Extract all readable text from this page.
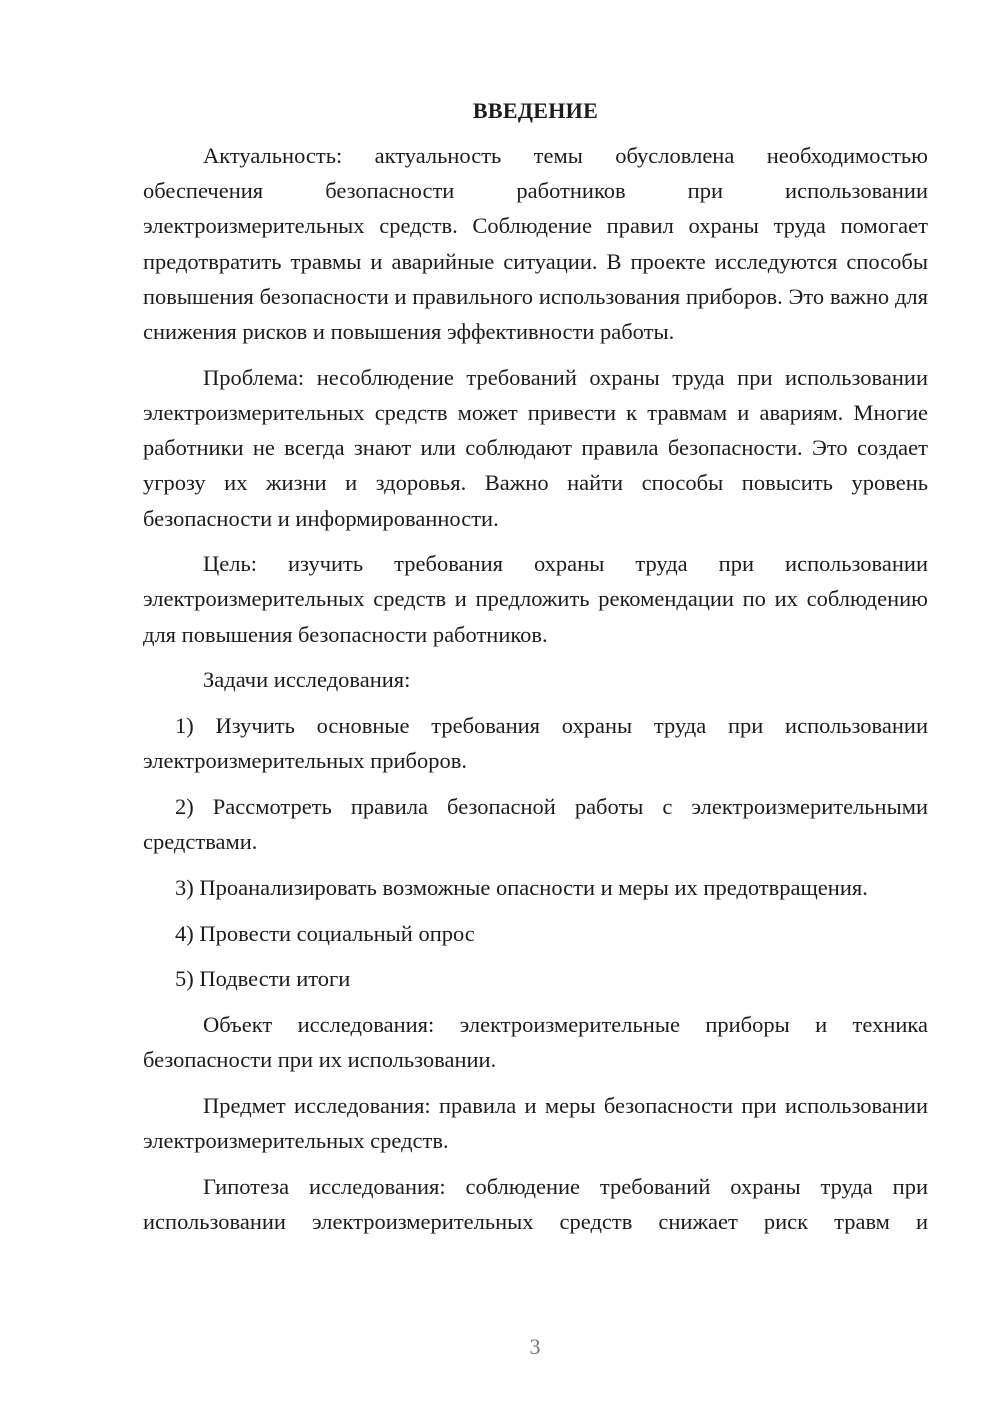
ВВЕДЕНИЕ

Актуальность: актуальность темы обусловлена необходимостью обеспечения безопасности работников при использовании электроизмерительных средств. Соблюдение правил охраны труда помогает предотвратить травмы и аварийные ситуации. В проекте исследуются способы повышения безопасности и правильного использования приборов. Это важно для снижения рисков и повышения эффективности работы.

Проблема: несоблюдение требований охраны труда при использовании электроизмерительных средств может привести к травмам и авариям. Многие работники не всегда знают или соблюдают правила безопасности. Это создает угрозу их жизни и здоровья. Важно найти способы повысить уровень безопасности и информированности.

Цель: изучить требования охраны труда при использовании электроизмерительных средств и предложить рекомендации по их соблюдению для повышения безопасности работников.

Задачи исследования:

1) Изучить основные требования охраны труда при использовании электроизмерительных приборов.

2) Рассмотреть правила безопасной работы с электроизмерительными средствами.

3) Проанализировать возможные опасности и меры их предотвращения.

4) Провести социальный опрос

5) Подвести итоги

Объект исследования: электроизмерительные приборы и техника безопасности при их использовании.

Предмет исследования: правила и меры безопасности при использовании электроизмерительных средств.

Гипотеза исследования: соблюдение требований охраны труда при использовании электроизмерительных средств снижает риск травм и

3
